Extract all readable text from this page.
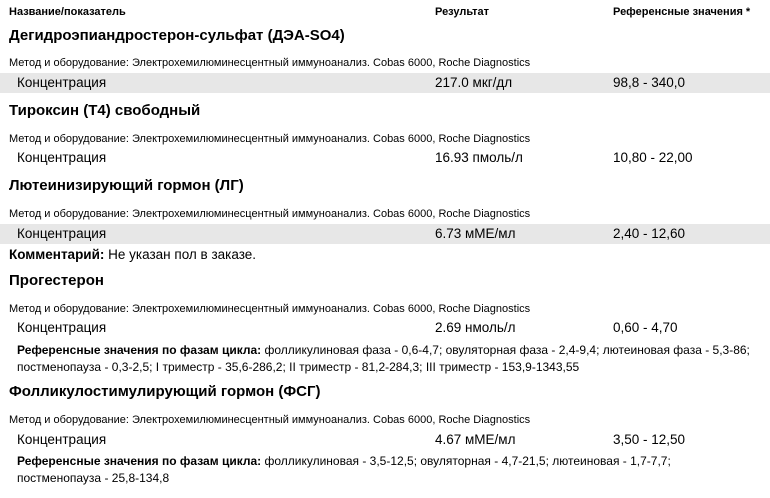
Название/показатель	Результат	Референсные значения *
Дегидроэпиандростерон-сульфат (ДЭА-SO4)
Метод и оборудование: Электрохемилюминесцентный иммуноанализ. Cobas 6000, Roche Diagnostics
Концентрация	217.0 мкг/дл	98,8 - 340,0
Тироксин (Т4) свободный
Метод и оборудование: Электрохемилюминесцентный иммуноанализ. Cobas 6000, Roche Diagnostics
Концентрация	16.93 пмоль/л	10,80 - 22,00
Лютеинизирующий гормон (ЛГ)
Метод и оборудование: Электрохемилюминесцентный иммуноанализ. Cobas 6000, Roche Diagnostics
Концентрация	6.73 мМЕ/мл	2,40 - 12,60
Комментарий: Не указан пол в заказе.
Прогестерон
Метод и оборудование: Электрохемилюминесцентный иммуноанализ. Cobas 6000, Roche Diagnostics
Концентрация	2.69 нмоль/л	0,60 - 4,70
Референсные значения по фазам цикла: фолликулиновая фаза - 0,6-4,7; овуляторная фаза - 2,4-9,4; лютеиновая фаза - 5,3-86; постменопауза - 0,3-2,5; I триместр - 35,6-286,2; II триместр - 81,2-284,3; III триместр - 153,9-1343,55
Фолликулостимулирующий гормон (ФСГ)
Метод и оборудование: Электрохемилюминесцентный иммуноанализ. Cobas 6000, Roche Diagnostics
Концентрация	4.67 мМЕ/мл	3,50 - 12,50
Референсные значения по фазам цикла: фолликулиновая - 3,5-12,5; овуляторная - 4,7-21,5; лютеиновая - 1,7-7,7; постменопауза - 25,8-134,8
